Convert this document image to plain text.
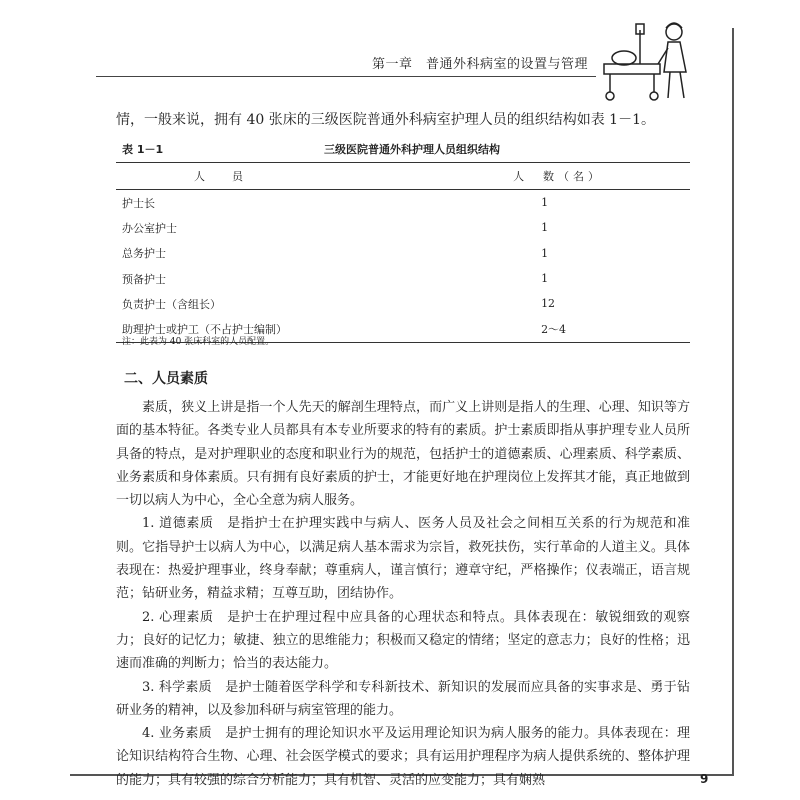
第一章　普通外科病室的设置与管理
情，一般来说，拥有 40 张床的三级医院普通外科病室护理人员的组织结构如表 1－1。
表 1－1	三级医院普通外科护理人员组织结构
人　员	人　数（名）
护士长	1
办公室护士	1
总务护士	1
预备护士	1
负责护士（含组长）	12
助理护士或护工（不占护士编制）	2～4
注：此表为 40 张床科室的人员配置。
二、人员素质

素质，狭义上讲是指一个人先天的解剖生理特点，而广义上讲则是指人的生理、心理、知识等方面的基本特征。各类专业人员都具有本专业所要求的特有的素质。护士素质即指从事护理专业人员所具备的特点，是对护理职业的态度和职业行为的规范，包括护士的道德素质、心理素质、科学素质、业务素质和身体素质。只有拥有良好素质的护士，才能更好地在护理岗位上发挥其才能，真正地做到一切以病人为中心，全心全意为病人服务。

1. 道德素质　是指护士在护理实践中与病人、医务人员及社会之间相互关系的行为规范和准则。它指导护士以病人为中心，以满足病人基本需求为宗旨，救死扶伤，实行革命的人道主义。具体表现在：热爱护理事业，终身奉献；尊重病人，谨言慎行；遵章守纪，严格操作；仪表端正，语言规范；钻研业务，精益求精；互尊互助，团结协作。

2. 心理素质　是护士在护理过程中应具备的心理状态和特点。具体表现在：敏锐细致的观察力；良好的记忆力；敏捷、独立的思维能力；积极而又稳定的情绪；坚定的意志力；良好的性格；迅速而准确的判断力；恰当的表达能力。

3. 科学素质　是护士随着医学科学和专科新技术、新知识的发展而应具备的实事求是、勇于钻研业务的精神，以及参加科研与病室管理的能力。

4. 业务素质　是护士拥有的理论知识水平及运用理论知识为病人服务的能力。具体表现在：理论知识结构符合生物、心理、社会医学模式的要求；具有运用护理程序为病人提供系统的、整体护理的能力；具有较强的综合分析能力；具有机智、灵活的应变能力；具有娴熟	9
